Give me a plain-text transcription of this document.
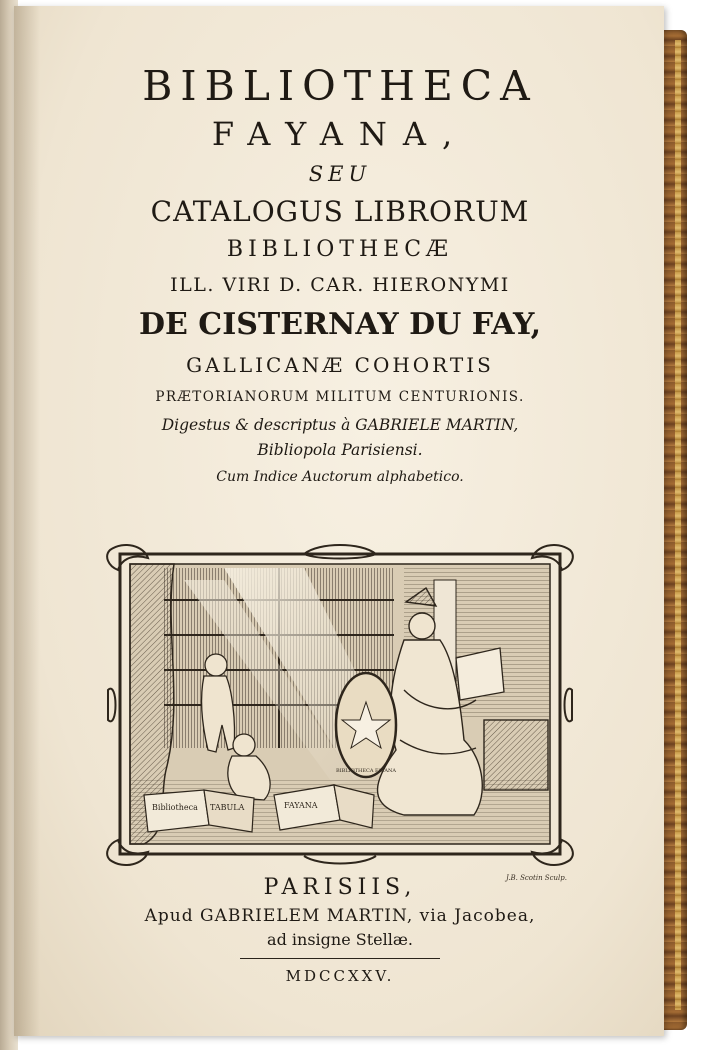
BIBLIOTHECA
FAYANA,
SEU
CATALOGUS LIBRORUM
BIBLIOTHECÆ
ILL. VIRI D. CAR. HIERONYMI
DE CISTERNAY DU FAY,
GALLICANÆ COHORTIS
PRÆTORIANORUM MILITUM CENTURIONIS.
Digestus & descriptus à GABRIELE MARTIN,
Bibliopola Parisiensi.
Cum Indice Auctorum alphabetico.
Bibliotheca TABULA	FAYANA
BIBLIOTHECA FAYANA
J.B. Scotin Sculp.
PARISIIS,
Apud GABRIELEM MARTIN, via Jacobea,
ad insigne Stellæ.
MDCCXXV.
